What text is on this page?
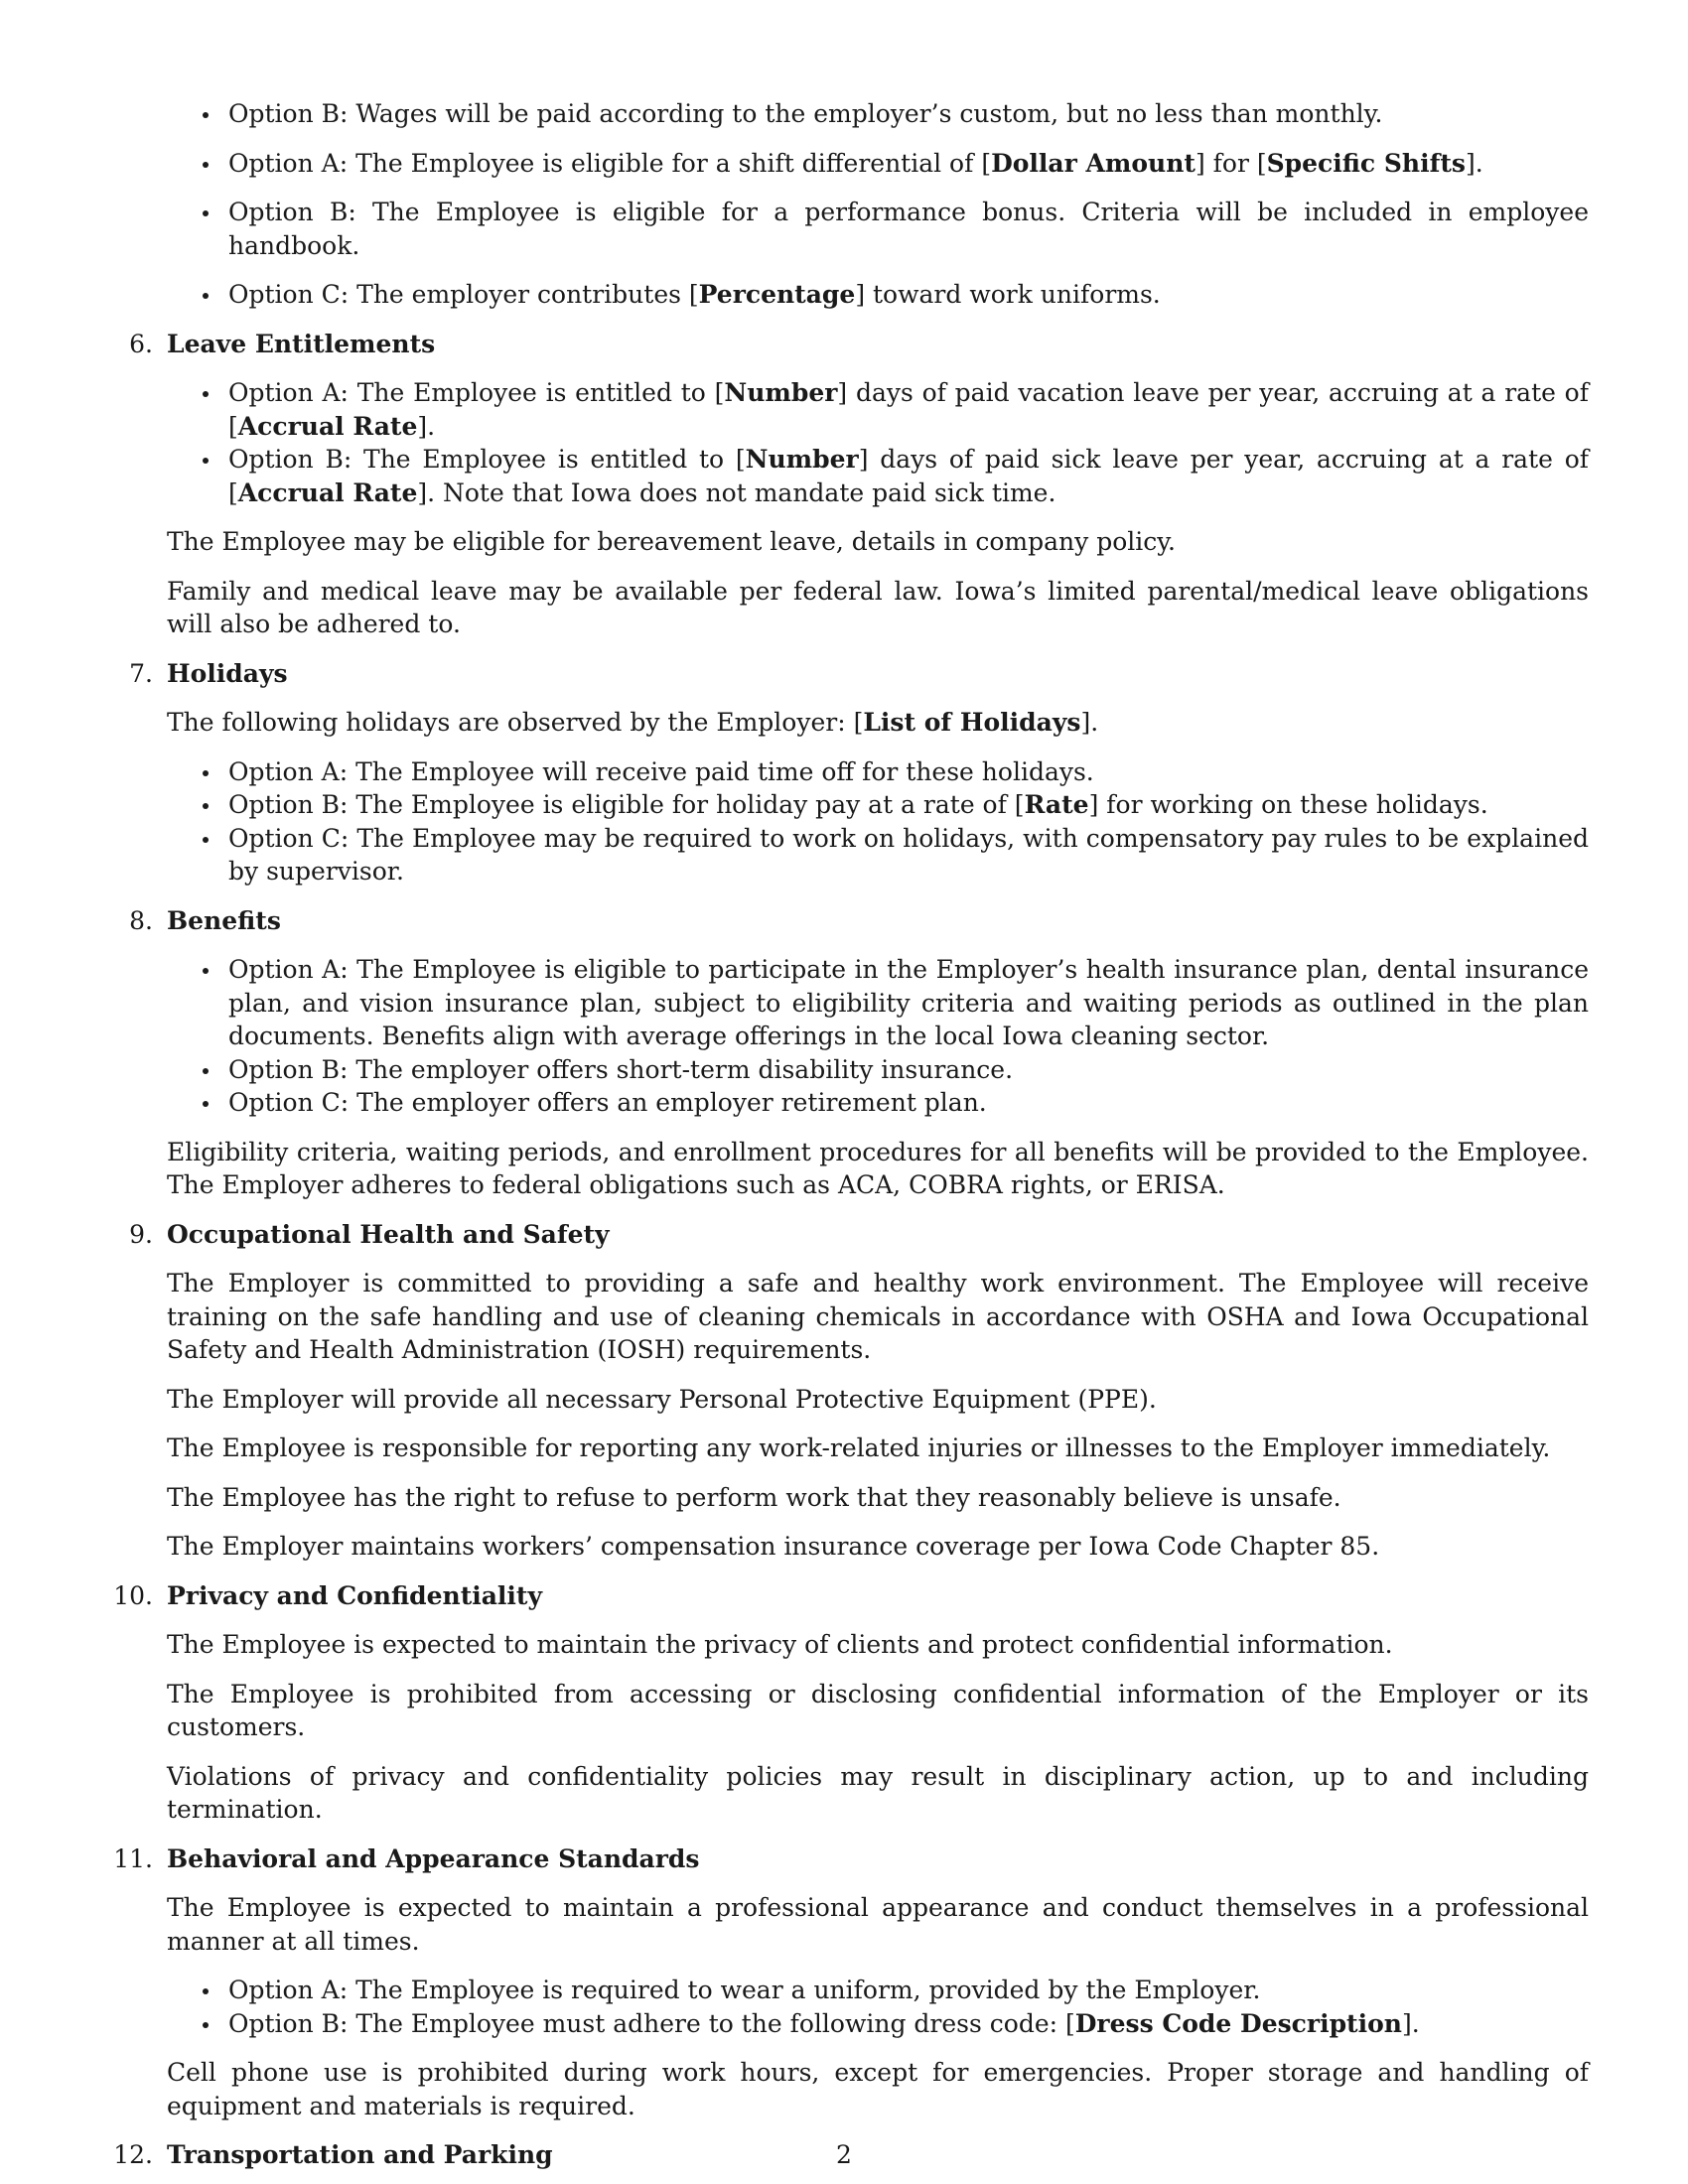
Option B: Wages will be paid according to the employer’s custom, but no less than monthly.
Option A: The Employee is eligible for a shift differential of [Dollar Amount] for [Specific Shifts].
Option B: The Employee is eligible for a performance bonus. Criteria will be included in employee handbook.
Option C: The employer contributes [Percentage] toward work uniforms.
6. Leave Entitlements
Option A: The Employee is entitled to [Number] days of paid vacation leave per year, accruing at a rate of [Accrual Rate].
Option B: The Employee is entitled to [Number] days of paid sick leave per year, accruing at a rate of [Accrual Rate]. Note that Iowa does not mandate paid sick time.

The Employee may be eligible for bereavement leave, details in company policy.

Family and medical leave may be available per federal law. Iowa’s limited parental/medical leave obligations will also be adhered to.

7. Holidays

The following holidays are observed by the Employer: [List of Holidays].

Option A: The Employee will receive paid time off for these holidays.
Option B: The Employee is eligible for holiday pay at a rate of [Rate] for working on these holidays.
Option C: The Employee may be required to work on holidays, with compensatory pay rules to be explained by supervisor.
8. Benefits
Option A: The Employee is eligible to participate in the Employer’s health insurance plan, dental insurance plan, and vision insurance plan, subject to eligibility criteria and waiting periods as outlined in the plan documents. Benefits align with average offerings in the local Iowa cleaning sector.
Option B: The employer offers short-term disability insurance.
Option C: The employer offers an employer retirement plan.

Eligibility criteria, waiting periods, and enrollment procedures for all benefits will be provided to the Employee. The Employer adheres to federal obligations such as ACA, COBRA rights, or ERISA.

9. Occupational Health and Safety

The Employer is committed to providing a safe and healthy work environment. The Employee will receive training on the safe handling and use of cleaning chemicals in accordance with OSHA and Iowa Occupational Safety and Health Administration (IOSH) requirements.

The Employer will provide all necessary Personal Protective Equipment (PPE).

The Employee is responsible for reporting any work-related injuries or illnesses to the Employer immediately.

The Employee has the right to refuse to perform work that they reasonably believe is unsafe.

The Employer maintains workers’ compensation insurance coverage per Iowa Code Chapter 85.

10. Privacy and Confidentiality

The Employee is expected to maintain the privacy of clients and protect confidential information.

The Employee is prohibited from accessing or disclosing confidential information of the Employer or its customers.

Violations of privacy and confidentiality policies may result in disciplinary action, up to and including termination.

11. Behavioral and Appearance Standards

The Employee is expected to maintain a professional appearance and conduct themselves in a professional manner at all times.

Option A: The Employee is required to wear a uniform, provided by the Employer.
Option B: The Employee must adhere to the following dress code: [Dress Code Description].

Cell phone use is prohibited during work hours, except for emergencies. Proper storage and handling of equipment and materials is required.

12. Transportation and Parking	2
